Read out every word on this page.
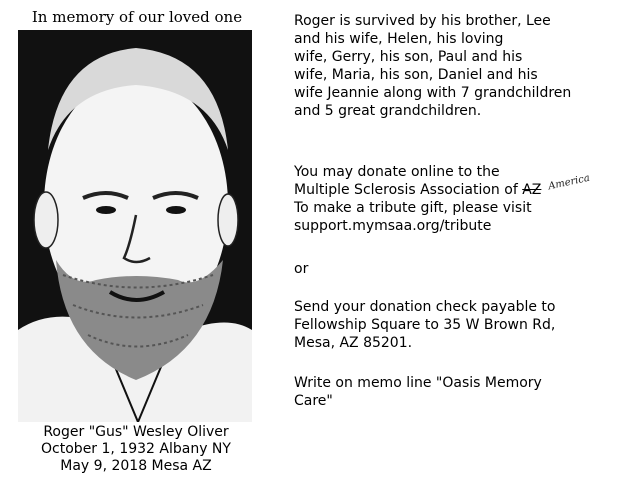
In memory of our loved one
Roger "Gus" Wesley Oliver
October 1, 1932 Albany NY
May 9, 2018 Mesa AZ

Roger is survived by his brother, Lee
and his wife, Helen, his loving
wife, Gerry, his son, Paul and his
wife, Maria, his son, Daniel and his
wife Jeannie along with 7 grandchildren
and 5 great grandchildren.

You may donate online to the
Multiple Sclerosis Association of AZ
To make a tribute gift, please visit
support.mymsaa.org/tribute

America

or

Send your donation check payable to
Fellowship Square to 35 W Brown Rd,
Mesa, AZ 85201.

Write on memo line "Oasis Memory
Care"
